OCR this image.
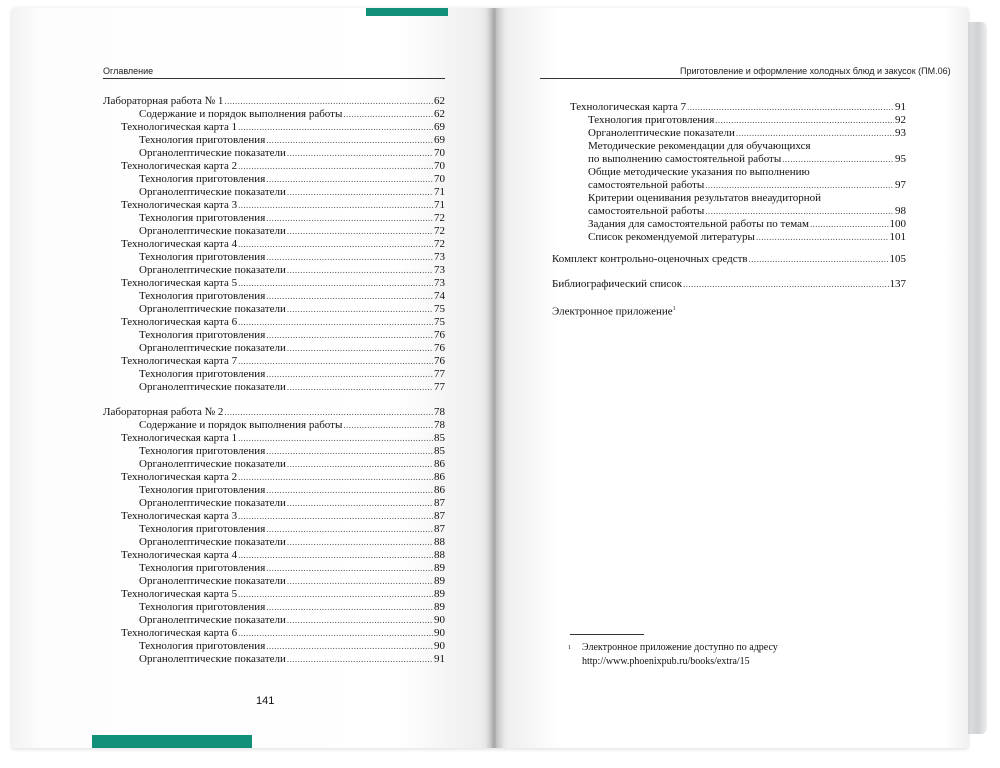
Оглавление
Лабораторная работа № 1 .....	62
Содержание и порядок выполнения работы .....	62
Технологическая карта 1 .....	69
Технология приготовления .....	69
Органолептические показатели .....	70
Технологическая карта 2 .....	70
Технология приготовления .....	70
Органолептические показатели .....	71
Технологическая карта 3 .....	71
Технология приготовления .....	72
Органолептические показатели .....	72
Технологическая карта 4 .....	72
Технология приготовления .....	73
Органолептические показатели .....	73
Технологическая карта 5 .....	73
Технология приготовления .....	74
Органолептические показатели .....	75
Технологическая карта 6 .....	75
Технология приготовления .....	76
Органолептические показатели .....	76
Технологическая карта 7 .....	76
Технология приготовления .....	77
Органолептические показатели .....	77
Лабораторная работа № 2 .....	78
Содержание и порядок выполнения работы .....	78
Технологическая карта 1 .....	85
Технология приготовления .....	85
Органолептические показатели .....	86
Технологическая карта 2 .....	86
Технология приготовления .....	86
Органолептические показатели .....	87
Технологическая карта 3 .....	87
Технология приготовления .....	87
Органолептические показатели .....	88
Технологическая карта 4 .....	88
Технология приготовления .....	89
Органолептические показатели .....	89
Технологическая карта 5 .....	89
Технология приготовления .....	89
Органолептические показатели .....	90
Технологическая карта 6 .....	90
Технология приготовления .....	90
Органолептические показатели .....	91
141
Приготовление и оформление холодных блюд и закусок (ПМ.06)
Технологическая карта 7 .....	91
Технология приготовления .....	92
Органолептические показатели .....	93
Методические рекомендации для обучающихся
по выполнению самостоятельной работы .....	95
Общие методические указания по выполнению
самостоятельной работы .....	97
Критерии оценивания результатов внеаудиторной
самостоятельной работы .....	98
Задания для самостоятельной работы по темам .....	100
Список рекомендуемой литературы .....	101
Комплект контрольно-оценочных средств .....	105
Библиографический список .....	137
Электронное приложение$^1$
$^1$ Электронное приложение доступно по адресу
http://www.phoenixpub.ru/books/extra/15
